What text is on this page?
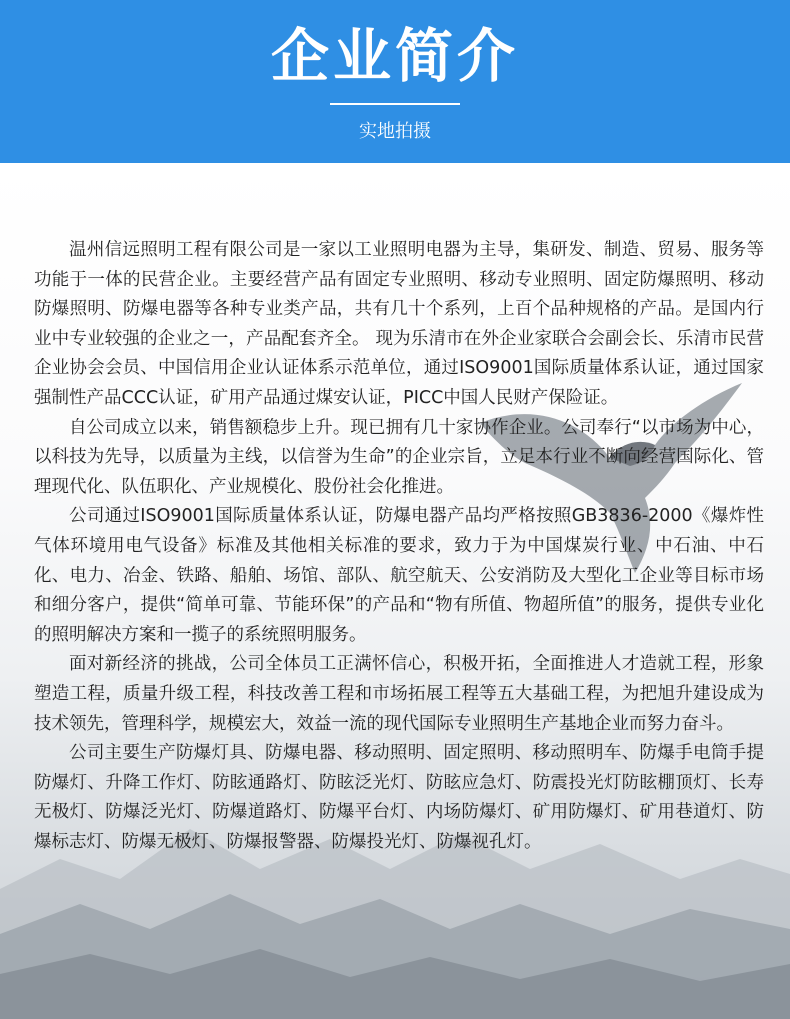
企业简介
实地拍摄

温州信远照明工程有限公司是一家以工业照明电器为主导，集研发、制造、贸易、服务等功能于一体的民营企业。主要经营产品有固定专业照明、移动专业照明、固定防爆照明、移动防爆照明、防爆电器等各种专业类产品，共有几十个系列，上百个品种规格的产品。是国内行业中专业较强的企业之一，产品配套齐全。 现为乐清市在外企业家联合会副会长、乐清市民营企业协会会员、中国信用企业认证体系示范单位，通过ISO9001国际质量体系认证，通过国家强制性产品CCC认证，矿用产品通过煤安认证，PICC中国人民财产保险证。

自公司成立以来，销售额稳步上升。现已拥有几十家协作企业。公司奉行“以市场为中心，以科技为先导，以质量为主线，以信誉为生命”的企业宗旨，立足本行业不断向经营国际化、管理现代化、队伍职化、产业规模化、股份社会化推进。

公司通过ISO9001国际质量体系认证，防爆电器产品均严格按照GB3836-2000《爆炸性气体环境用电气设备》标准及其他相关标准的要求，致力于为中国煤炭行业、中石油、中石化、电力、冶金、铁路、船舶、场馆、部队、航空航天、公安消防及大型化工企业等目标市场和细分客户，提供“简单可靠、节能环保”的产品和“物有所值、物超所值”的服务，提供专业化的照明解决方案和一揽子的系统照明服务。

面对新经济的挑战，公司全体员工正满怀信心，积极开拓，全面推进人才造就工程，形象塑造工程，质量升级工程，科技改善工程和市场拓展工程等五大基础工程，为把旭升建设成为技术领先，管理科学，规模宏大，效益一流的现代国际专业照明生产基地企业而努力奋斗。

公司主要生产防爆灯具、防爆电器、移动照明、固定照明、移动照明车、防爆手电筒手提防爆灯、升降工作灯、防眩通路灯、防眩泛光灯、防眩应急灯、防震投光灯防眩棚顶灯、长寿无极灯、防爆泛光灯、防爆道路灯、防爆平台灯、内场防爆灯、矿用防爆灯、矿用巷道灯、防爆标志灯、防爆无极灯、防爆报警器、防爆投光灯、防爆视孔灯。
